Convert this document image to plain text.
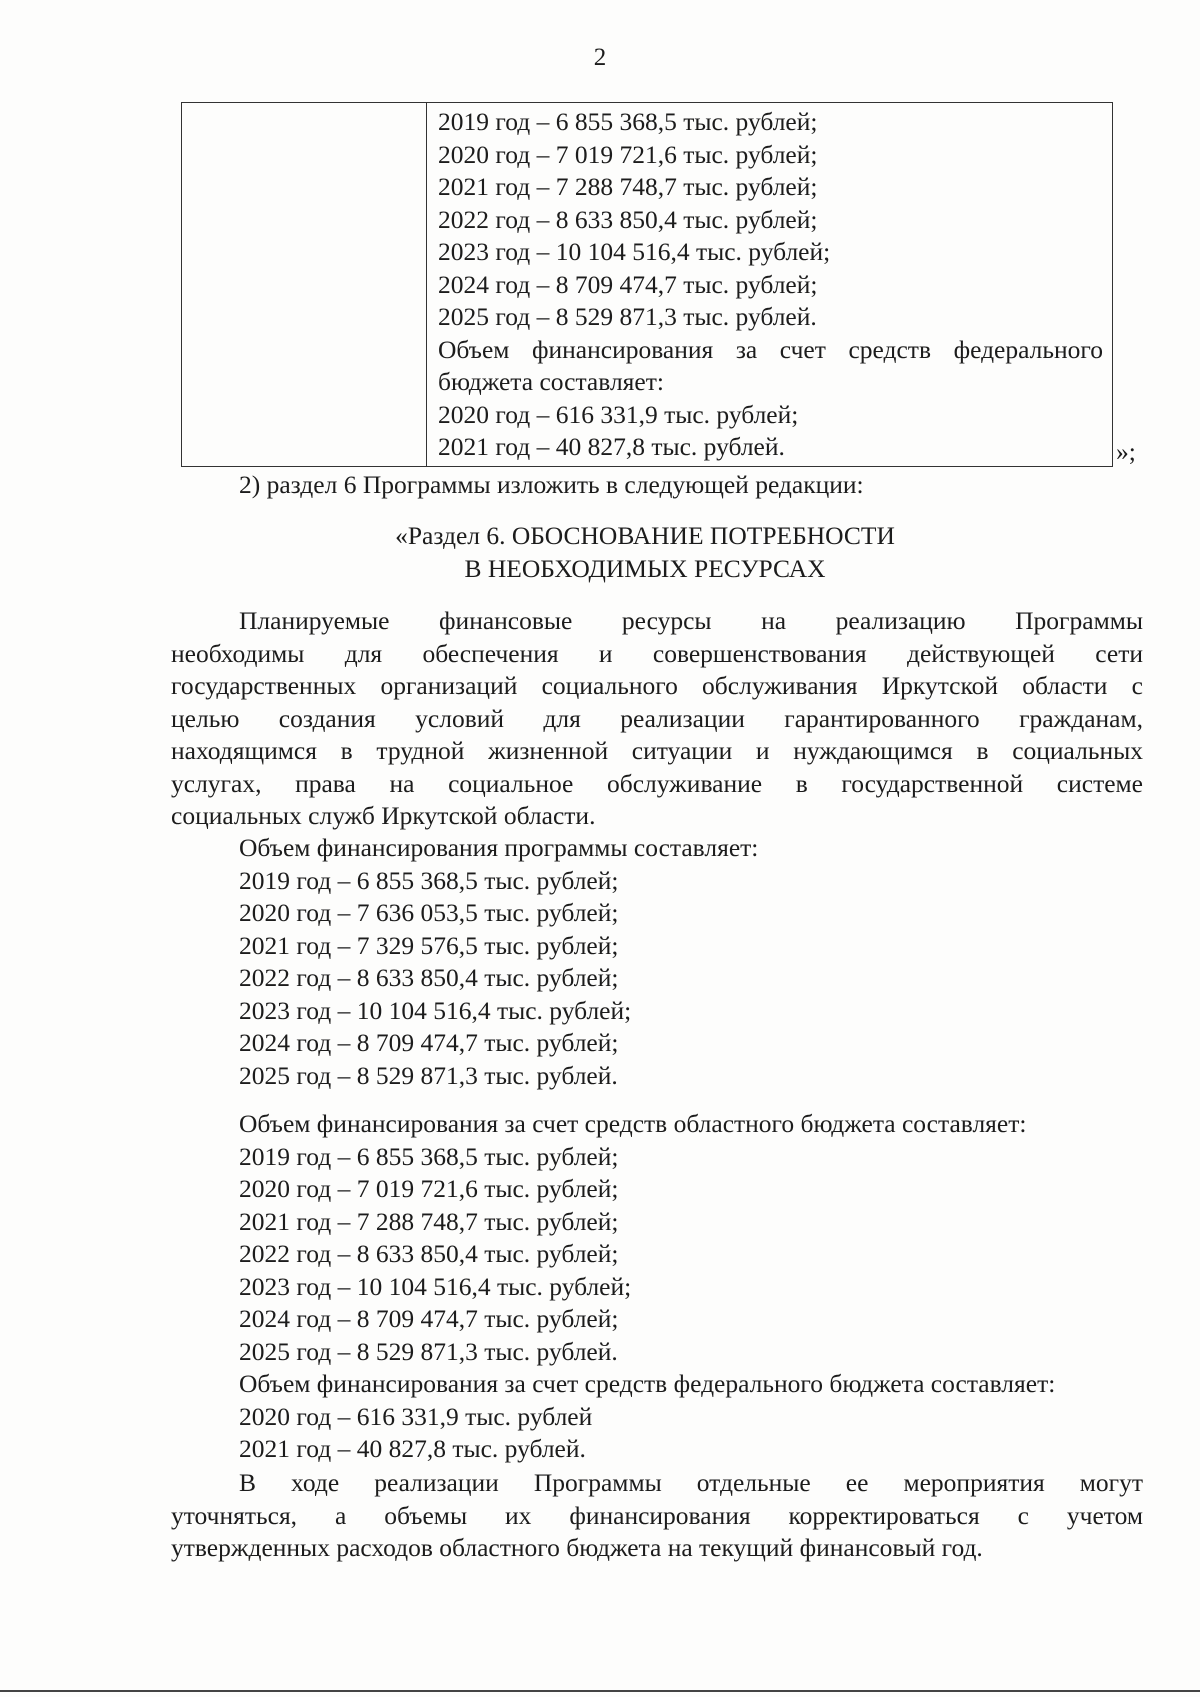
2
2019 год – 6 855 368,5 тыс. рублей;
2020 год – 7 019 721,6 тыс. рублей;
2021 год – 7 288 748,7 тыс. рублей;
2022 год – 8 633 850,4 тыс. рублей;
2023 год – 10 104 516,4 тыс. рублей;
2024 год – 8 709 474,7 тыс. рублей;
2025 год – 8 529 871,3 тыс. рублей.
Объем финансирования за счет средств федерального
бюджета составляет:
2020 год – 616 331,9 тыс. рублей;
2021 год – 40 827,8 тыс. рублей.	»;
2) раздел 6 Программы изложить в следующей редакции:
«Раздел 6. ОБОСНОВАНИЕ ПОТРЕБНОСТИ
В НЕОБХОДИМЫХ РЕСУРСАХ
Планируемые финансовые ресурсы на реализацию Программы
необходимы для обеспечения и совершенствования действующей сети
государственных организаций социального обслуживания Иркутской области с
целью создания условий для реализации гарантированного гражданам,
находящимся в трудной жизненной ситуации и нуждающимся в социальных
услугах, права на социальное обслуживание в государственной системе
социальных служб Иркутской области.
Объем финансирования программы составляет:
2019 год – 6 855 368,5 тыс. рублей;
2020 год – 7 636 053,5 тыс. рублей;
2021 год – 7 329 576,5 тыс. рублей;
2022 год – 8 633 850,4 тыс. рублей;
2023 год – 10 104 516,4 тыс. рублей;
2024 год – 8 709 474,7 тыс. рублей;
2025 год – 8 529 871,3 тыс. рублей.
Объем финансирования за счет средств областного бюджета составляет:
2019 год – 6 855 368,5 тыс. рублей;
2020 год – 7 019 721,6 тыс. рублей;
2021 год – 7 288 748,7 тыс. рублей;
2022 год – 8 633 850,4 тыс. рублей;
2023 год – 10 104 516,4 тыс. рублей;
2024 год – 8 709 474,7 тыс. рублей;
2025 год – 8 529 871,3 тыс. рублей.
Объем финансирования за счет средств федерального бюджета составляет:
2020 год – 616 331,9 тыс. рублей
2021 год – 40 827,8 тыс. рублей.
В ходе реализации Программы отдельные ее мероприятия могут
уточняться, а объемы их финансирования корректироваться с учетом
утвержденных расходов областного бюджета на текущий финансовый год.
